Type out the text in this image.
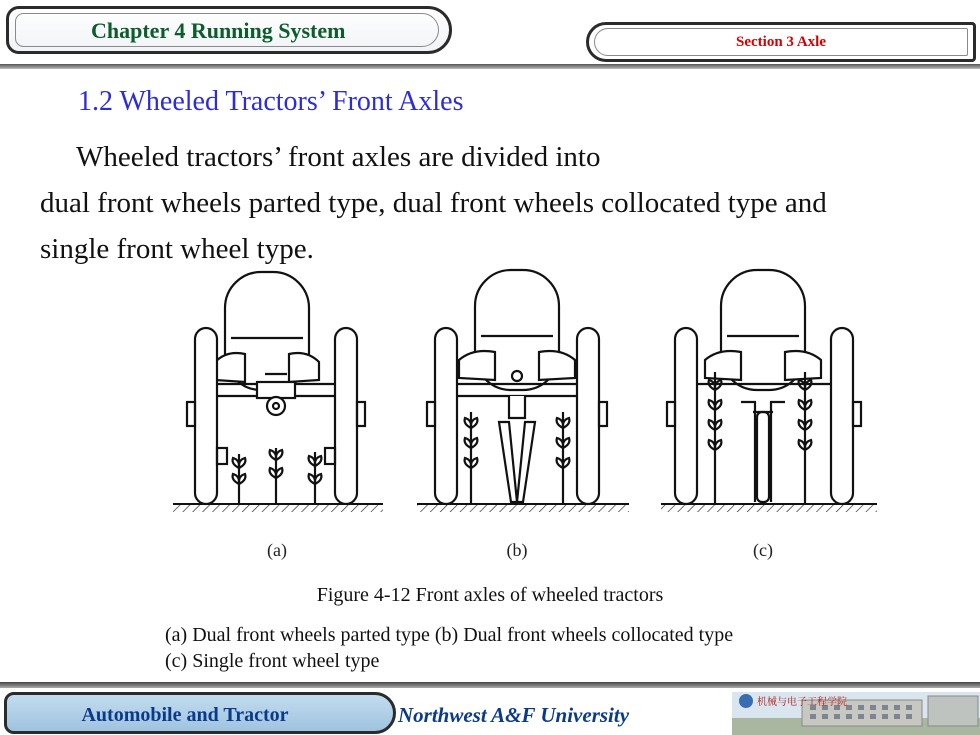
Chapter 4 Running System	Section 3 Axle
1.2 Wheeled Tractors’ Front Axles
Wheeled tractors’ front axles are divided into
dual front wheels parted type, dual front wheels collocated type and
single front wheel type.
(a)	(b)	(c)
Figure 4-12 Front axles of wheeled tractors
(a) Dual front wheels parted type (b) Dual front wheels collocated type
(c) Single front wheel type
Automobile and Tractor	Northwest A&F University
机械与电子工程学院
